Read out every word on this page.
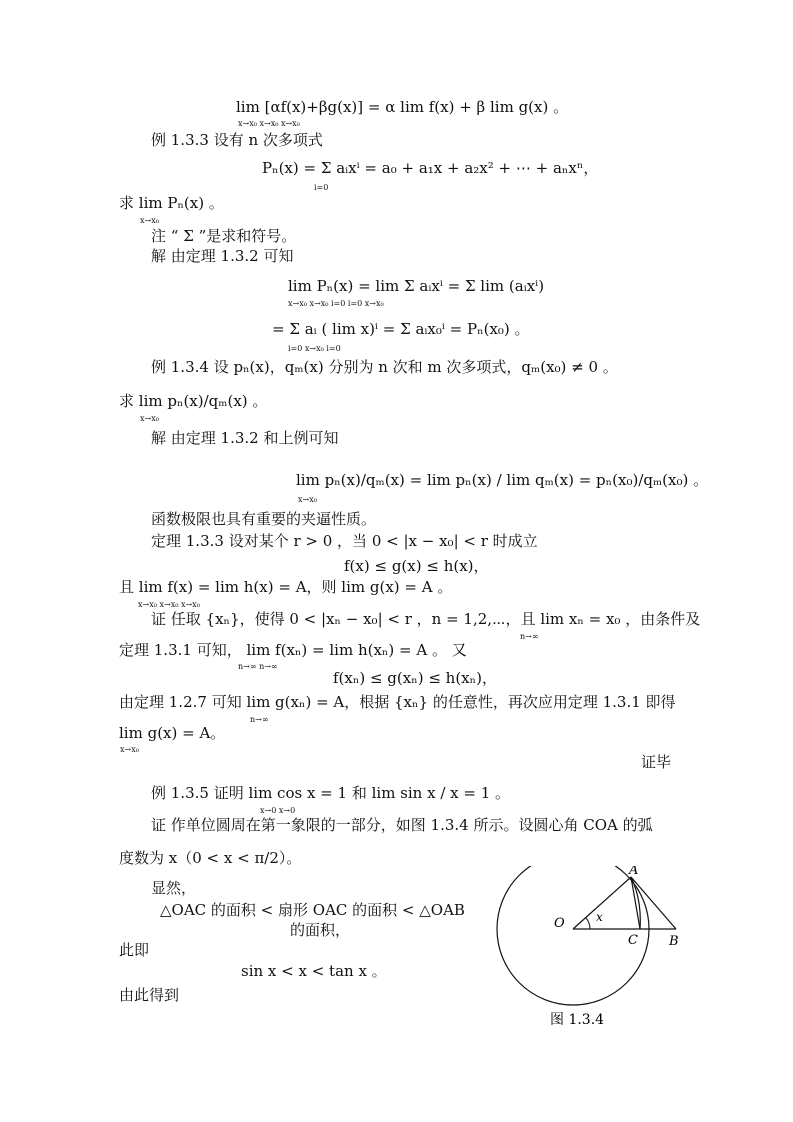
lim [αf(x)+βg(x)] = α lim f(x) + β lim g(x) 。
x→x₀ x→x₀ x→x₀
例 1.3.3 设有 n 次多项式
Pₙ(x) = Σ aᵢxⁱ = a₀ + a₁x + a₂x² + ⋯ + aₙxⁿ，
i=0
求 lim Pₙ(x) 。
x→x₀
注 “ Σ ”是求和符号。
解 由定理 1.3.2 可知
lim Pₙ(x) = lim Σ aᵢxⁱ = Σ lim (aᵢxⁱ)
x→x₀ x→x₀ i=0 i=0 x→x₀
= Σ aᵢ ( lim x)ⁱ = Σ aᵢx₀ⁱ = Pₙ(x₀) 。
i=0 x→x₀ i=0
例 1.3.4 设 pₙ(x)，qₘ(x) 分别为 n 次和 m 次多项式，qₘ(x₀) ≠ 0 。
求 lim pₙ(x)/qₘ(x) 。
x→x₀
解 由定理 1.3.2 和上例可知
lim pₙ(x)/qₘ(x) = lim pₙ(x) / lim qₘ(x) = pₙ(x₀)/qₘ(x₀) 。
x→x₀
函数极限也具有重要的夹逼性质。
定理 1.3.3 设对某个 r > 0 ，当 0 < |x − x₀| < r 时成立
f(x) ≤ g(x) ≤ h(x)，
且 lim f(x) = lim h(x) = A，则 lim g(x) = A 。
x→x₀ x→x₀ x→x₀
证 任取 {xₙ}，使得 0 < |xₙ − x₀| < r ，n = 1,2,⋯，且 lim xₙ = x₀ ，由条件及
n→∞
定理 1.3.1 可知， lim f(xₙ) = lim h(xₙ) = A 。 又
n→∞ n→∞
f(xₙ) ≤ g(xₙ) ≤ h(xₙ)，
由定理 1.2.7 可知 lim g(xₙ) = A，根据 {xₙ} 的任意性，再次应用定理 1.3.1 即得
n→∞
lim g(x) = A。
x→x₀
证毕
例 1.3.5 证明 lim cos x = 1 和 lim sin x / x = 1 。
x→0 x→0
证 作单位圆周在第一象限的一部分，如图 1.3.4 所示。设圆心角 COA 的弧
度数为 x（0 < x < π/2）。
显然，
△OAC 的面积 < 扇形 OAC 的面积 < △OAB
的面积，
此即
sin x < x < tan x 。
由此得到
A
O	x
C B
图 1.3.4
